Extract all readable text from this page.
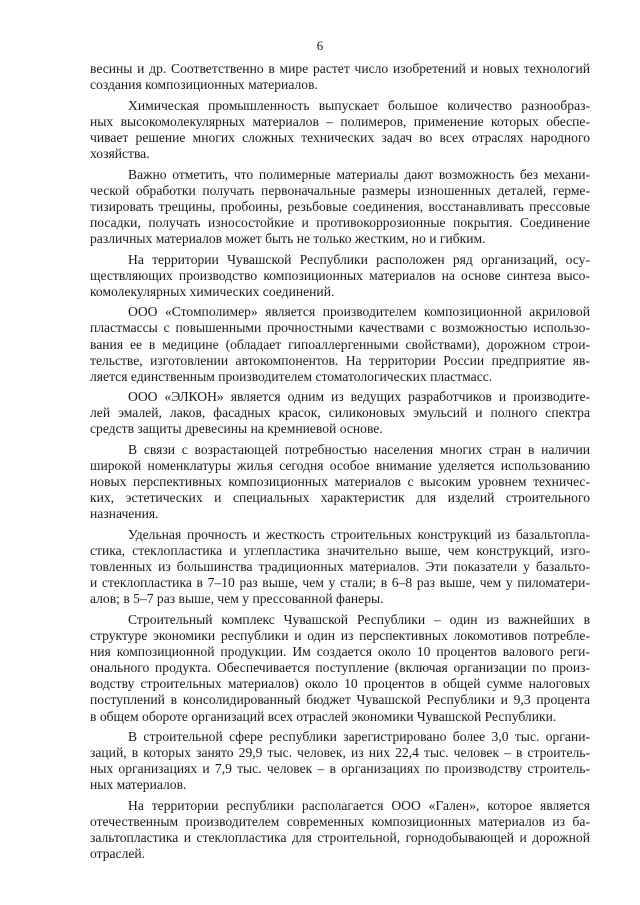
6
весины и др. Соответственно в мире растет число изобретений и новых технологий
создания композиционных материалов.
Химическая промышленность выпускает большое количество разнообраз-
ных высокомолекулярных материалов – полимеров, применение которых обеспе-
чивает решение многих сложных технических задач во всех отраслях народного
хозяйства.
Важно отметить, что полимерные материалы дают возможность без механи-
ческой обработки получать первоначальные размеры изношенных деталей, герме-
тизировать трещины, пробоины, резьбовые соединения, восстанавливать прессовые
посадки, получать износостойкие и противокоррозионные покрытия. Соединение
различных материалов может быть не только жестким, но и гибким.
На территории Чувашской Республики расположен ряд организаций, осу-
ществляющих производство композиционных материалов на основе синтеза высо-
комолекулярных химических соединений.
ООО «Стомполимер» является производителем композиционной акриловой
пластмассы с повышенными прочностными качествами с возможностью использо-
вания ее в медицине (обладает гипоаллергенными свойствами), дорожном строи-
тельстве, изготовлении автокомпонентов. На территории России предприятие яв-
ляется единственным производителем стоматологических пластмасс.
ООО «ЭЛКОН» является одним из ведущих разработчиков и производите-
лей эмалей, лаков, фасадных красок, силиконовых эмульсий и полного спектра
средств защиты древесины на кремниевой основе.
В связи с возрастающей потребностью населения многих стран в наличии
широкой номенклатуры жилья сегодня особое внимание уделяется использованию
новых перспективных композиционных материалов с высоким уровнем техничес-
ких, эстетических и специальных характеристик для изделий строительного
назначения.
Удельная прочность и жесткость строительных конструкций из базальтопла-
стика, стеклопластика и углепластика значительно выше, чем конструкций, изго-
товленных из большинства традиционных материалов. Эти показатели у базальто-
и стеклопластика в 7–10 раз выше, чем у стали; в 6–8 раз выше, чем у пиломатери-
алов; в 5–7 раз выше, чем у прессованной фанеры.
Строительный комплекс Чувашской Республики – один из важнейших в
структуре экономики республики и один из перспективных локомотивов потребле-
ния композиционной продукции. Им создается около 10 процентов валового реги-
онального продукта. Обеспечивается поступление (включая организации по произ-
водству строительных материалов) около 10 процентов в общей сумме налоговых
поступлений в консолидированный бюджет Чувашской Республики и 9,3 процента
в общем обороте организаций всех отраслей экономики Чувашской Республики.
В строительной сфере республики зарегистрировано более 3,0 тыс. органи-
заций, в которых занято 29,9 тыс. человек, из них 22,4 тыс. человек – в строитель-
ных организациях и 7,9 тыс. человек – в организациях по производству строитель-
ных материалов.
На территории республики располагается ООО «Гален», которое является
отечественным производителем современных композиционных материалов из ба-
зальтопластика и стеклопластика для строительной, горнодобывающей и дорожной
отраслей.
